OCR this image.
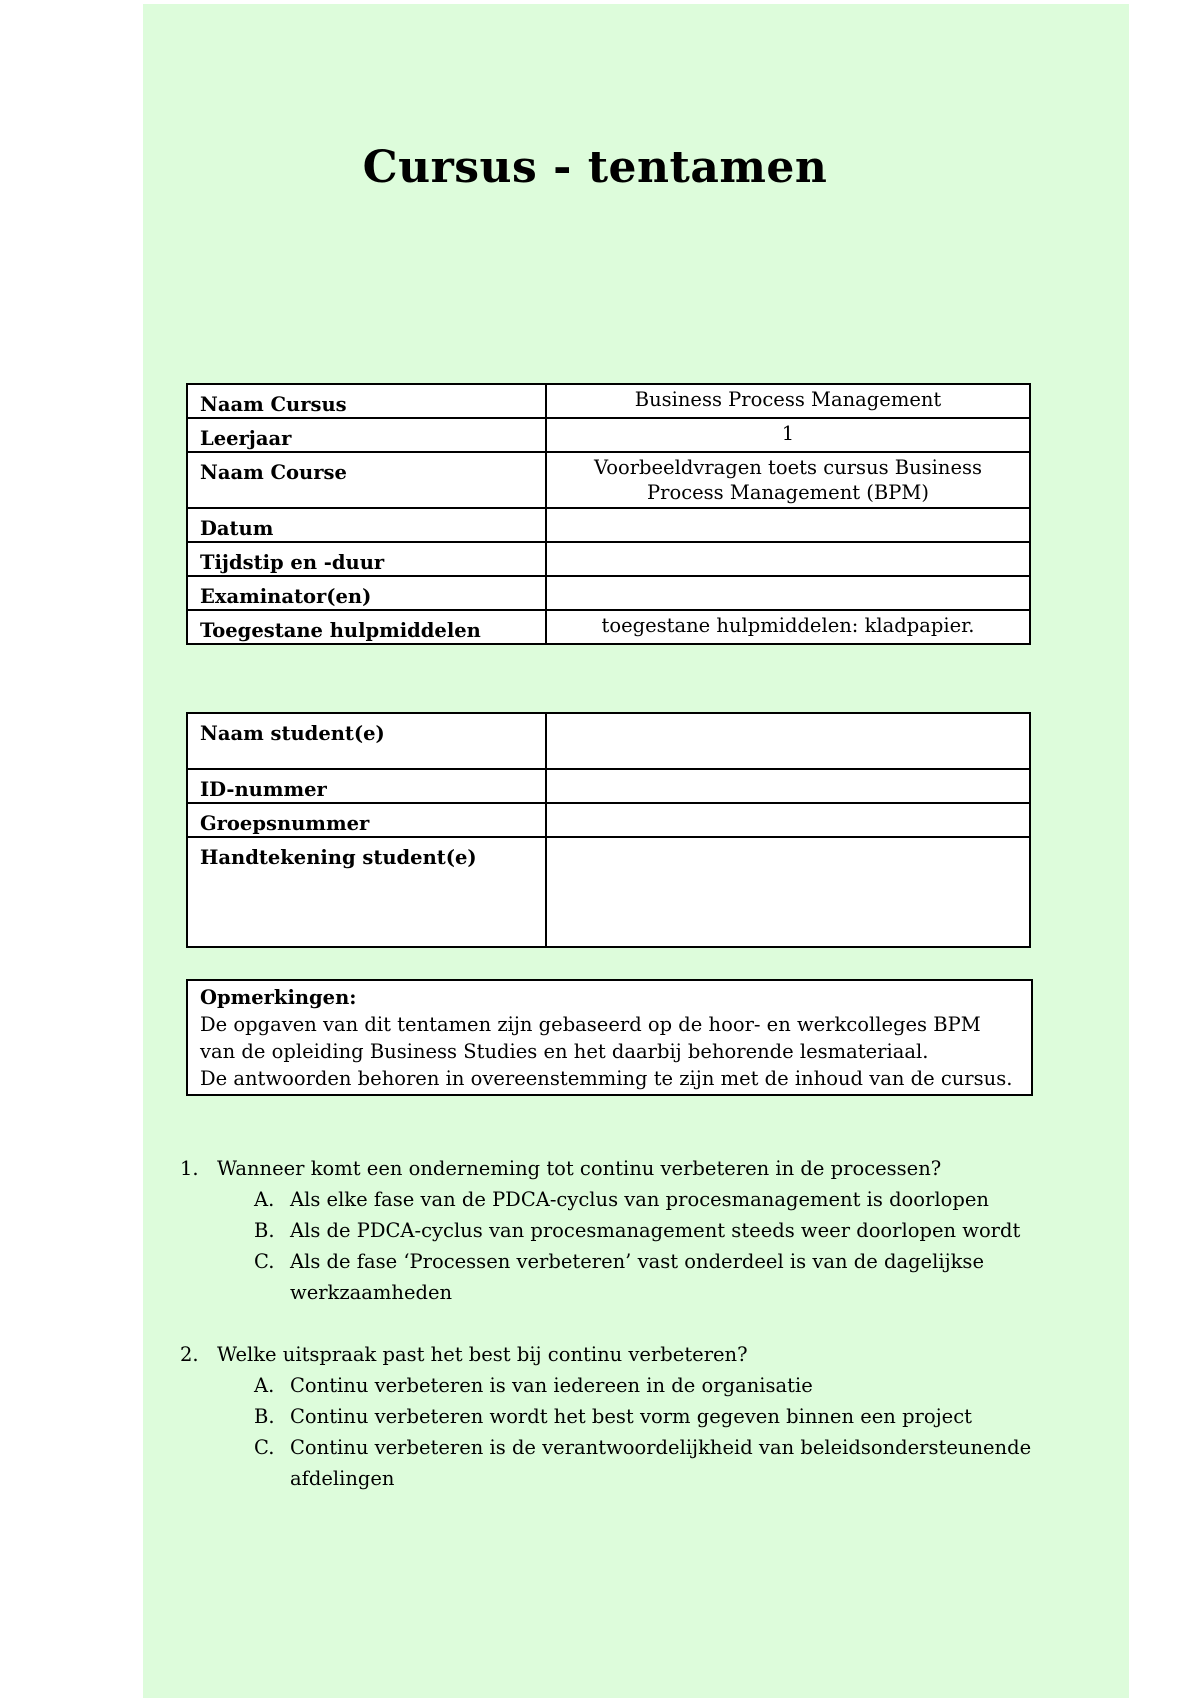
Cursus - tentamen
Naam Cursus	Business Process Management
Leerjaar	1
Naam Course	Voorbeeldvragen toets cursus Business Process Management (BPM)
Datum	
Tijdstip en -duur	
Examinator(en)	
Toegestane hulpmiddelen	toegestane hulpmiddelen: kladpapier.
Naam student(e)	
ID-nummer	
Groepsnummer	
Handtekening student(e)	
Opmerkingen:
De opgaven van dit tentamen zijn gebaseerd op de hoor- en werkcolleges BPM van de opleiding Business Studies en het daarbij behorende lesmateriaal.
De antwoorden behoren in overeenstemming te zijn met de inhoud van de cursus.
1. Wanneer komt een onderneming tot continu verbeteren in de processen?
A. Als elke fase van de PDCA-cyclus van procesmanagement is doorlopen
B. Als de PDCA-cyclus van procesmanagement steeds weer doorlopen wordt
C. Als de fase ‘Processen verbeteren’ vast onderdeel is van de dagelijkse werkzaamheden
2. Welke uitspraak past het best bij continu verbeteren?
A. Continu verbeteren is van iedereen in de organisatie
B. Continu verbeteren wordt het best vorm gegeven binnen een project
C. Continu verbeteren is de verantwoordelijkheid van beleidsondersteunende afdelingen
